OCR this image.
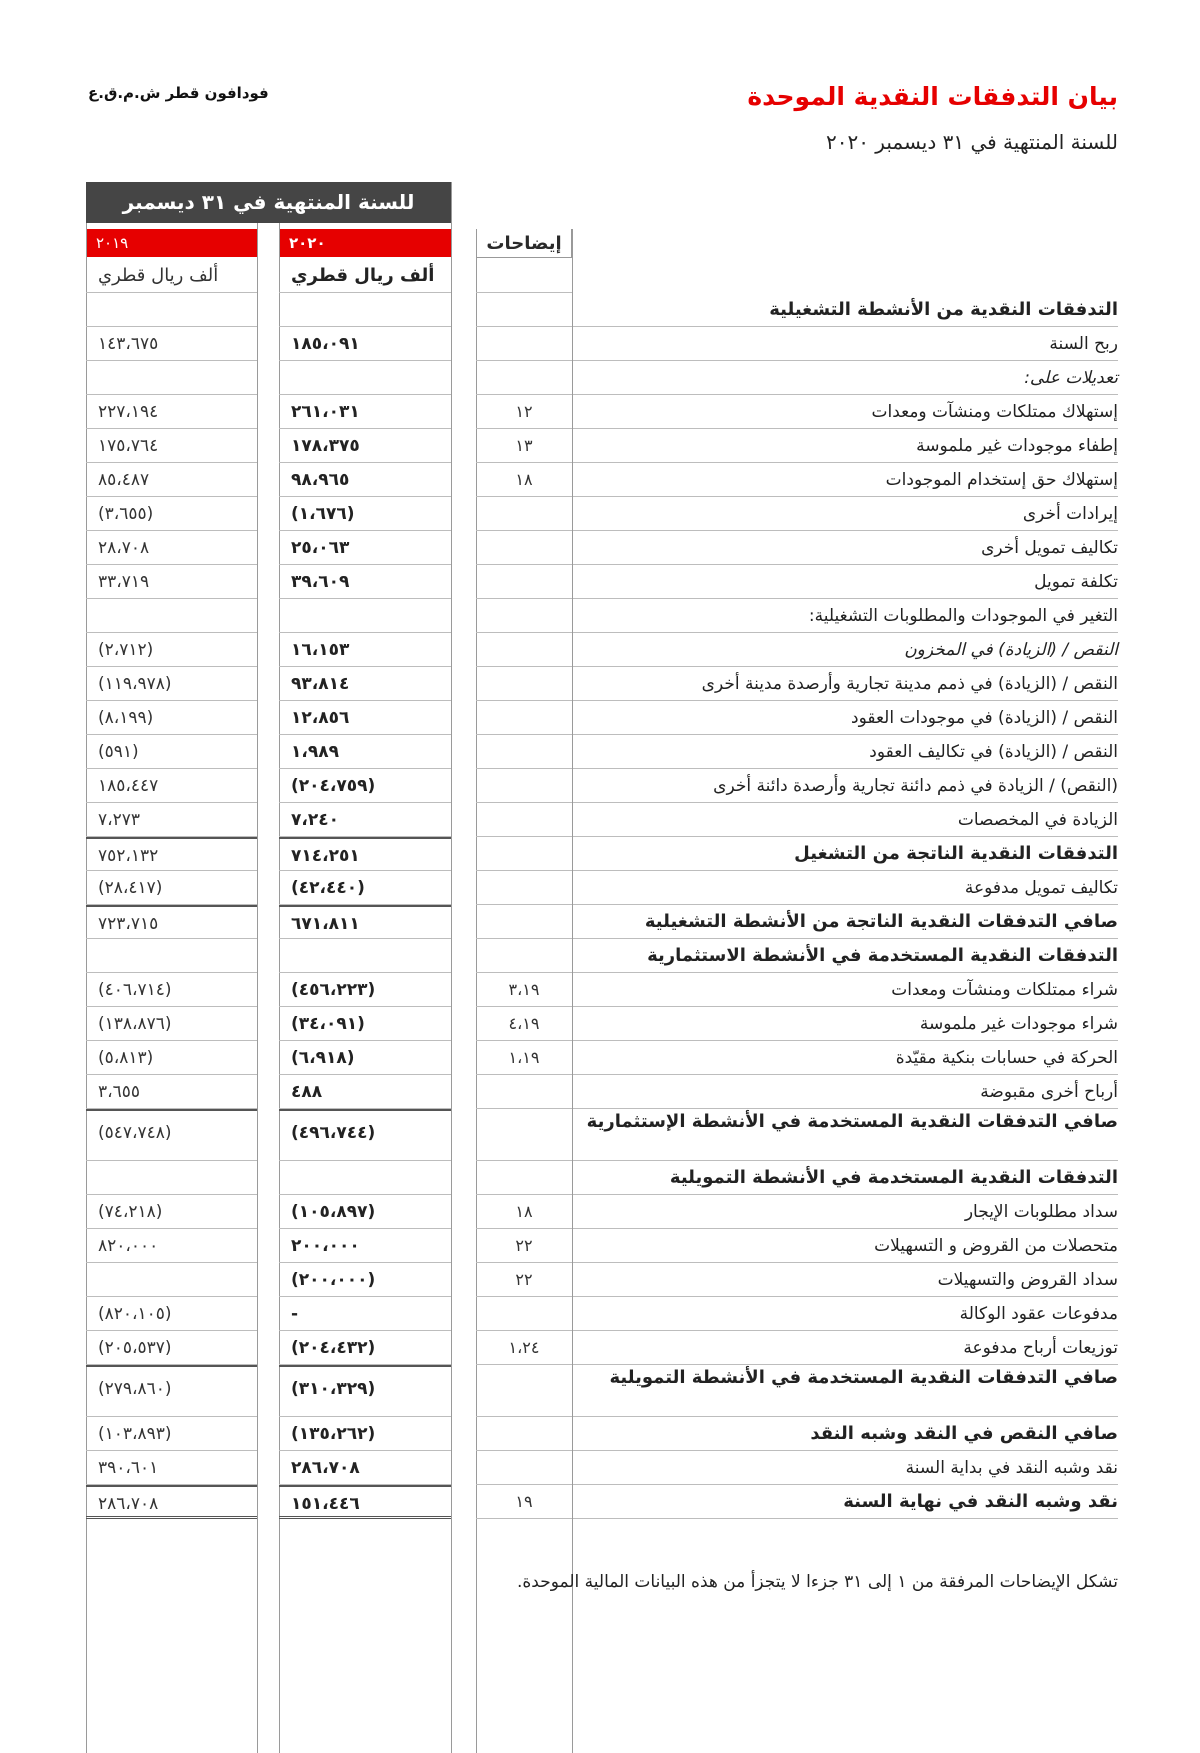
بيان التدفقات النقدية الموحدة
للسنة المنتهية في ٣١ ديسمبر ٢٠٢٠
فودافون قطر ش.م.ق.ع
للسنة المنتهية في ٣١ ديسمبر
٢٠٢٠
٢٠١٩	إيضاحات
ألف ريال قطري
ألف ريال قطري
التدفقات النقدية من الأنشطة التشغيلية
ربح السنة
١٨٥،٠٩١
١٤٣،٦٧٥
تعديلات على:
إستهلاك ممتلكات ومنشآت ومعدات
١٢
٢٦١،٠٣١
٢٢٧،١٩٤
إطفاء موجودات غير ملموسة
١٣
١٧٨،٣٧٥
١٧٥،٧٦٤
إستهلاك حق إستخدام الموجودات
١٨
٩٨،٩٦٥
٨٥،٤٨٧
إيرادات أخرى
(١،٦٧٦)
(٣،٦٥٥)
تكاليف تمويل أخرى
٢٥،٠٦٣
٢٨،٧٠٨
تكلفة تمويل
٣٩،٦٠٩
٣٣،٧١٩
التغير في الموجودات والمطلوبات التشغيلية:
النقص / (الزيادة) في المخزون
١٦،١٥٣
(٢،٧١٢)
النقص / (الزيادة) في ذمم مدينة تجارية وأرصدة مدينة أخرى
٩٣،٨١٤
(١١٩،٩٧٨)
النقص / (الزيادة) في موجودات العقود
١٢،٨٥٦
(٨،١٩٩)
النقص / (الزيادة) في تكاليف العقود
١،٩٨٩
(٥٩١)
(النقص) / الزيادة في ذمم دائنة تجارية وأرصدة دائنة أخرى
(٢٠٤،٧٥٩)
١٨٥،٤٤٧
الزيادة في المخصصات
٧،٢٤٠
٧،٢٧٣
التدفقات النقدية الناتجة من التشغيل
٧١٤،٢٥١
٧٥٢،١٣٢
تكاليف تمويل مدفوعة
(٤٢،٤٤٠)
(٢٨،٤١٧)
صافي التدفقات النقدية الناتجة من الأنشطة التشغيلية
٦٧١،٨١١
٧٢٣،٧١٥
التدفقات النقدية المستخدمة في الأنشطة الاستثمارية
شراء ممتلكات ومنشآت ومعدات
٣،١٩
(٤٥٦،٢٢٣)
(٤٠٦،٧١٤)
شراء موجودات غير ملموسة
٤،١٩
(٣٤،٠٩١)
(١٣٨،٨٧٦)
الحركة في حسابات بنكية مقيّدة
١،١٩
(٦،٩١٨)
(٥،٨١٣)
أرباح أخرى مقبوضة
٤٨٨
٣،٦٥٥
صافي التدفقات النقدية المستخدمة في الأنشطة الإستثمارية
(٤٩٦،٧٤٤)
(٥٤٧،٧٤٨)
التدفقات النقدية المستخدمة في الأنشطة التمويلية
سداد مطلوبات الإيجار
١٨
(١٠٥،٨٩٧)
(٧٤،٢١٨)
متحصلات من القروض و التسهيلات
٢٢
٢٠٠،٠٠٠
٨٢٠،٠٠٠
سداد القروض والتسهيلات
٢٢
(٢٠٠،٠٠٠)
مدفوعات عقود الوكالة
-
(٨٢٠،١٠٥)
توزيعات أرباح مدفوعة
١،٢٤
(٢٠٤،٤٣٢)
(٢٠٥،٥٣٧)
صافي التدفقات النقدية المستخدمة في الأنشطة التمويلية
(٣١٠،٣٢٩)
(٢٧٩،٨٦٠)
صافي النقص في النقد وشبه النقد
(١٣٥،٢٦٢)
(١٠٣،٨٩٣)
نقد وشبه النقد في بداية السنة
٢٨٦،٧٠٨
٣٩٠،٦٠١
نقد وشبه النقد في نهاية السنة
١٩
١٥١،٤٤٦
٢٨٦،٧٠٨
تشكل الإيضاحات المرفقة من ١ إلى ٣١ جزءا لا يتجزأ من هذه البيانات المالية الموحدة.
